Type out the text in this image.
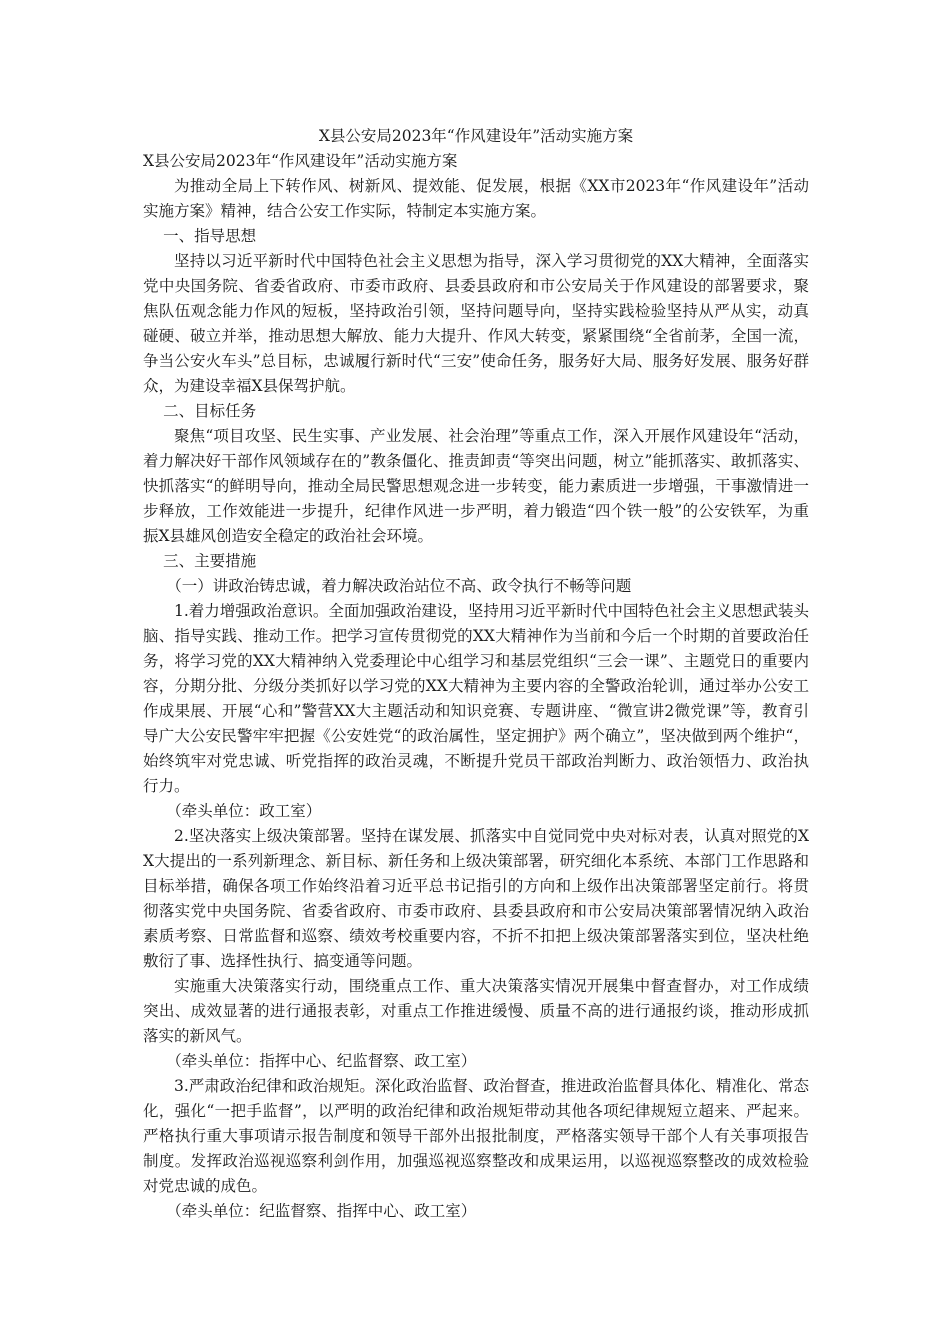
X县公安局2023年“作风建设年”活动实施方案

X县公安局2023年“作风建设年”活动实施方案

为推动全局上下转作风、树新风、提效能、促发展，根据《XX市2023年“作风建设年”活动实施方案》精神，结合公安工作实际，特制定本实施方案。

一、指导思想

坚持以习近平新时代中国特色社会主义思想为指导，深入学习贯彻党的XX大精神，全面落实党中央国务院、省委省政府、市委市政府、县委县政府和市公安局关于作风建设的部署要求，聚焦队伍观念能力作风的短板，坚持政治引领，坚持问题导向，坚持实践检验坚持从严从实，动真碰硬、破立并举，推动思想大解放、能力大提升、作风大转变，紧紧围绕“全省前茅，全国一流，争当公安火车头”总目标，忠诚履行新时代“三安”使命任务，服务好大局、服务好发展、服务好群众，为建设幸福X县保驾护航。

二、目标任务

聚焦“项目攻坚、民生实事、产业发展、社会治理”等重点工作，深入开展作风建设年“活动，着力解决好干部作风领域存在的”教条僵化、推责卸责“等突出问题，树立”能抓落实、敢抓落实、快抓落实“的鲜明导向，推动全局民警思想观念进一步转变，能力素质进一步增强，干事激情进一步释放，工作效能进一步提升，纪律作风进一步严明，着力锻造“四个铁一般”的公安铁军，为重振X县雄风创造安全稳定的政治社会环境。

三、主要措施

（一）讲政治铸忠诚，着力解决政治站位不高、政令执行不畅等问题

1.着力增强政治意识。全面加强政治建设，坚持用习近平新时代中国特色社会主义思想武装头脑、指导实践、推动工作。把学习宣传贯彻党的XX大精神作为当前和今后一个时期的首要政治任务，将学习党的XX大精神纳入党委理论中心组学习和基层党组织“三会一课”、主题党日的重要内容，分期分批、分级分类抓好以学习党的XX大精神为主要内容的全警政治轮训，通过举办公安工作成果展、开展“心和”警营XX大主题活动和知识竞赛、专题讲座、“微宣讲2微党课”等，教育引导广大公安民警牢牢把握《公安姓党“的政治属性，坚定拥护》两个确立”，坚决做到两个维护“，始终筑牢对党忠诚、听党指挥的政治灵魂，不断提升党员干部政治判断力、政治领悟力、政治执行力。

（牵头单位：政工室）

2.坚决落实上级决策部署。坚持在谋发展、抓落实中自觉同党中央对标对表，认真对照党的XX大提出的一系列新理念、新目标、新任务和上级决策部署，研究细化本系统、本部门工作思路和目标举措，确保各项工作始终沿着习近平总书记指引的方向和上级作出决策部署坚定前行。将贯彻落实党中央国务院、省委省政府、市委市政府、县委县政府和市公安局决策部署情况纳入政治素质考察、日常监督和巡察、绩效考校重要内容，不折不扣把上级决策部署落实到位，坚决杜绝敷衍了事、选择性执行、搞变通等问题。

实施重大决策落实行动，围绕重点工作、重大决策落实情况开展集中督查督办，对工作成绩突出、成效显著的进行通报表彰，对重点工作推进缓慢、质量不高的进行通报约谈，推动形成抓落实的新风气。

（牵头单位：指挥中心、纪监督察、政工室）

3.严肃政治纪律和政治规矩。深化政治监督、政治督查，推进政治监督具体化、精准化、常态化，强化“一把手监督”，以严明的政治纪律和政治规矩带动其他各项纪律规短立超来、严起来。严格执行重大事项请示报告制度和领导干部外出报批制度，严格落实领导干部个人有关事项报告制度。发挥政治巡视巡察利剑作用，加强巡视巡察整改和成果运用，以巡视巡察整改的成效检验对党忠诚的成色。

（牵头单位：纪监督察、指挥中心、政工室）
